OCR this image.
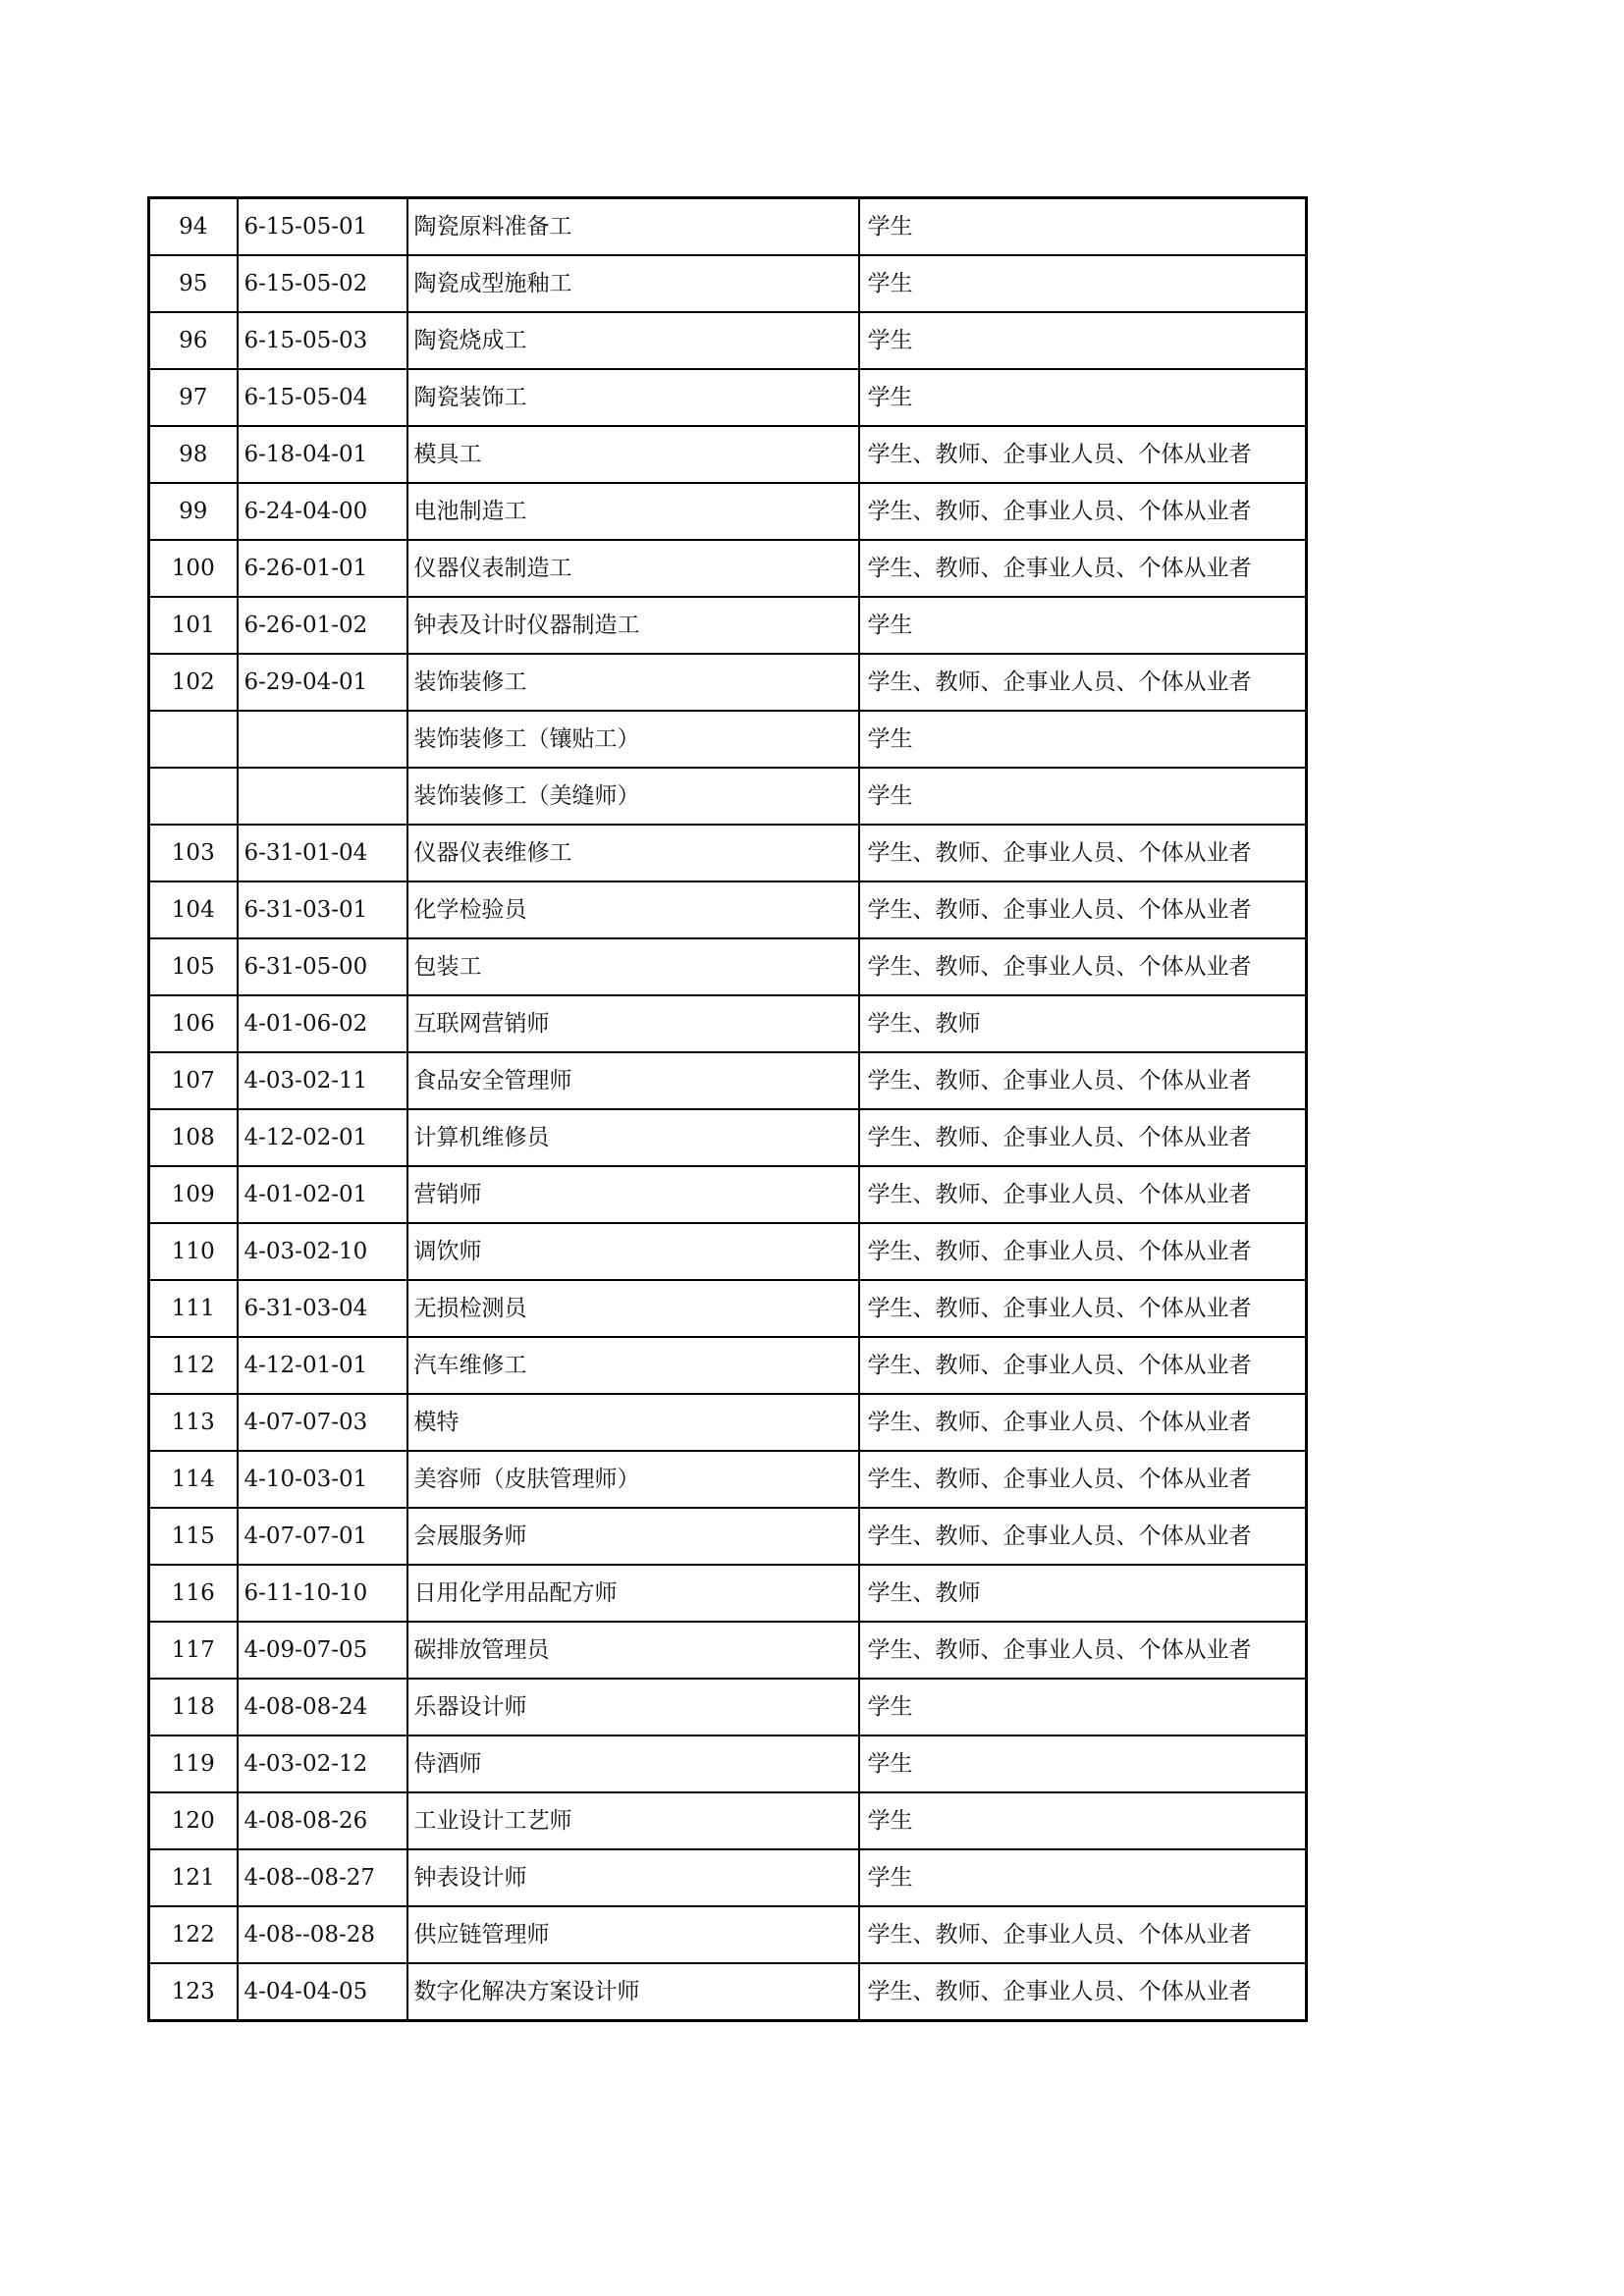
94	6-15-05-01	陶瓷原料准备工	学生
95	6-15-05-02	陶瓷成型施釉工	学生
96	6-15-05-03	陶瓷烧成工	学生
97	6-15-05-04	陶瓷装饰工	学生
98	6-18-04-01	模具工	学生、教师、企事业人员、个体从业者
99	6-24-04-00	电池制造工	学生、教师、企事业人员、个体从业者
100	6-26-01-01	仪器仪表制造工	学生、教师、企事业人员、个体从业者
101	6-26-01-02	钟表及计时仪器制造工	学生
102	6-29-04-01	装饰装修工	学生、教师、企事业人员、个体从业者
		装饰装修工（镶贴工）	学生
		装饰装修工（美缝师）	学生
103	6-31-01-04	仪器仪表维修工	学生、教师、企事业人员、个体从业者
104	6-31-03-01	化学检验员	学生、教师、企事业人员、个体从业者
105	6-31-05-00	包装工	学生、教师、企事业人员、个体从业者
106	4-01-06-02	互联网营销师	学生、教师
107	4-03-02-11	食品安全管理师	学生、教师、企事业人员、个体从业者
108	4-12-02-01	计算机维修员	学生、教师、企事业人员、个体从业者
109	4-01-02-01	营销师	学生、教师、企事业人员、个体从业者
110	4-03-02-10	调饮师	学生、教师、企事业人员、个体从业者
111	6-31-03-04	无损检测员	学生、教师、企事业人员、个体从业者
112	4-12-01-01	汽车维修工	学生、教师、企事业人员、个体从业者
113	4-07-07-03	模特	学生、教师、企事业人员、个体从业者
114	4-10-03-01	美容师（皮肤管理师）	学生、教师、企事业人员、个体从业者
115	4-07-07-01	会展服务师	学生、教师、企事业人员、个体从业者
116	6-11-10-10	日用化学用品配方师	学生、教师
117	4-09-07-05	碳排放管理员	学生、教师、企事业人员、个体从业者
118	4-08-08-24	乐器设计师	学生
119	4-03-02-12	侍酒师	学生
120	4-08-08-26	工业设计工艺师	学生
121	4-08--08-27	钟表设计师	学生
122	4-08--08-28	供应链管理师	学生、教师、企事业人员、个体从业者
123	4-04-04-05	数字化解决方案设计师	学生、教师、企事业人员、个体从业者
